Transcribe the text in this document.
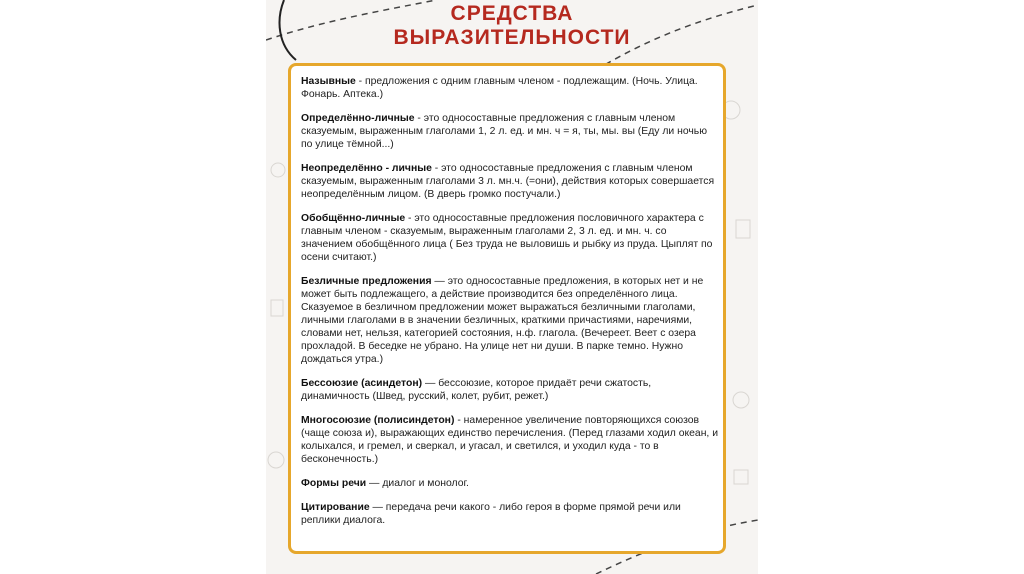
СРЕДСТВА
ВЫРАЗИТЕЛЬНОСТИ

Назывные - предложения с одним главным членом - подлежащим. (Ночь. Улица. Фонарь. Аптека.)

Определённо-личные - это односоставные предложения с главным членом сказуемым, выраженным глаголами 1, 2 л. ед. и мн. ч = я, ты, мы. вы (Еду ли ночью по улице тёмной...)

Неопределённо - личные - это односоставные предложения с главным членом сказуемым, выраженным глаголами 3 л. мн.ч. (=они), действия которых совершается неопределённым лицом. (В дверь громко постучали.)

Обобщённо-личные - это односоставные предложения пословичного характера с главным членом - сказуемым, выраженным глаголами 2, 3 л. ед. и мн. ч. со значением обобщённого лица ( Без труда не выловишь и рыбку из пруда. Цыплят по осени считают.)

Безличные предложения — это односоставные предложения, в которых нет и не может быть подлежащего, а действие производится без определённого лица. Сказуемое в безличном предложении может выражаться безличными глаголами, личными глаголами в в значении безличных, краткими причастиями, наречиями, словами нет, нельзя, категорией состояния, н.ф. глагола. (Вечереет. Веет с озера прохладой. В беседке не убрано. На улице нет ни души. В парке темно. Нужно дождаться утра.)

Бессоюзие (асиндетон) — бессоюзие, которое придаёт речи сжатость, динамичность (Швед, русский, колет, рубит, режет.)

Многосоюзие (полисиндетон) - намеренное увеличение повторяющихся союзов (чаще союза и), выражающих единство перечисления. (Перед глазами ходил океан, и колыхался, и гремел, и сверкал, и угасал, и светился, и уходил куда - то в бесконечность.)

Формы речи — диалог и монолог.

Цитирование — передача речи какого - либо героя в форме прямой речи или реплики диалога.
